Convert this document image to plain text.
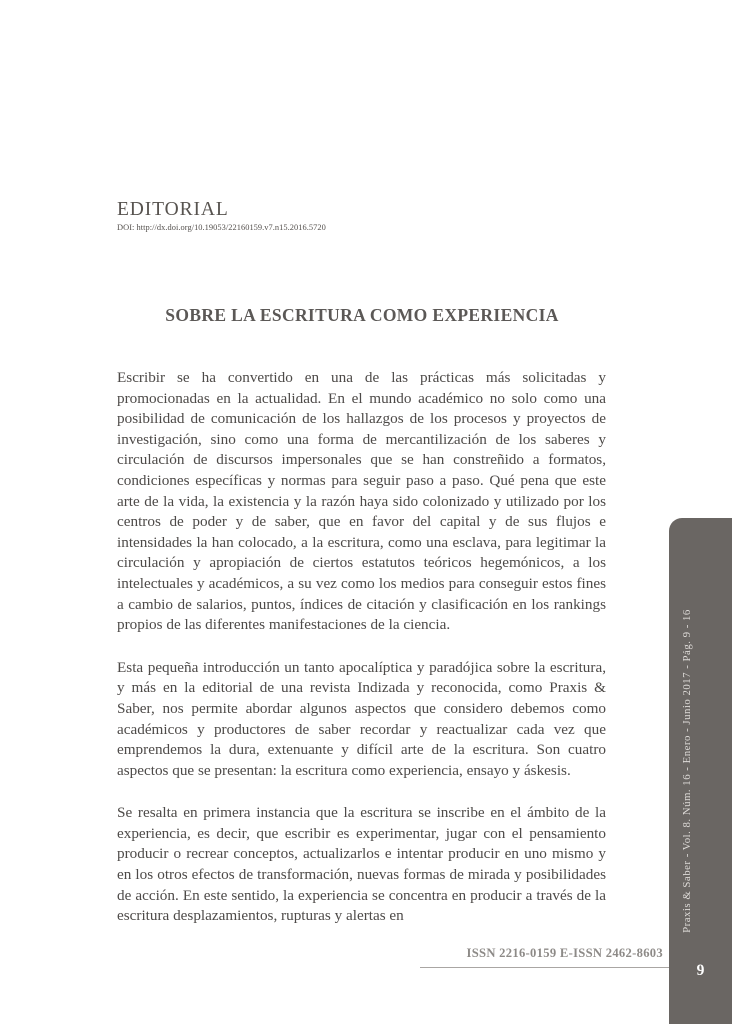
EDITORIAL
DOI: http://dx.doi.org/10.19053/22160159.v7.n15.2016.5720
SOBRE LA ESCRITURA COMO EXPERIENCIA

Escribir se ha convertido en una de las prácticas más solicitadas y promocionadas en la actualidad. En el mundo académico no solo como una posibilidad de comunicación de los hallazgos de los procesos y proyectos de investigación, sino como una forma de mercantilización de los saberes y circulación de discursos impersonales que se han constreñido a formatos, condiciones específicas y normas para seguir paso a paso. Qué pena que este arte de la vida, la existencia y la razón haya sido colonizado y utilizado por los centros de poder y de saber, que en favor del capital y de sus flujos e intensidades la han colocado, a la escritura, como una esclava, para legitimar la circulación y apropiación de ciertos estatutos teóricos hegemónicos, a los intelectuales y académicos, a su vez como los medios para conseguir estos fines a cambio de salarios, puntos, índices de citación y clasificación en los rankings propios de las diferentes manifestaciones de la ciencia.

Esta pequeña introducción un tanto apocalíptica y paradójica sobre la escritura, y más en la editorial de una revista Indizada y reconocida, como Praxis & Saber, nos permite abordar algunos aspectos que considero debemos como académicos y productores de saber recordar y reactualizar cada vez que emprendemos la dura, extenuante y difícil arte de la escritura. Son cuatro aspectos que se presentan: la escritura como experiencia, ensayo y áskesis.

Se resalta en primera instancia que la escritura se inscribe en el ámbito de la experiencia, es decir, que escribir es experimentar, jugar con el pensamiento producir o recrear conceptos, actualizarlos e intentar producir en uno mismo y en los otros efectos de transformación, nuevas formas de mirada y posibilidades de acción. En este sentido, la experiencia se concentra en producir a través de la escritura desplazamientos, rupturas y alertas en

ISSN 2216-0159 E-ISSN 2462-8603
Praxis & Saber - Vol. 8. Núm. 16 - Enero - Junio 2017 - Pág. 9 - 16
9
